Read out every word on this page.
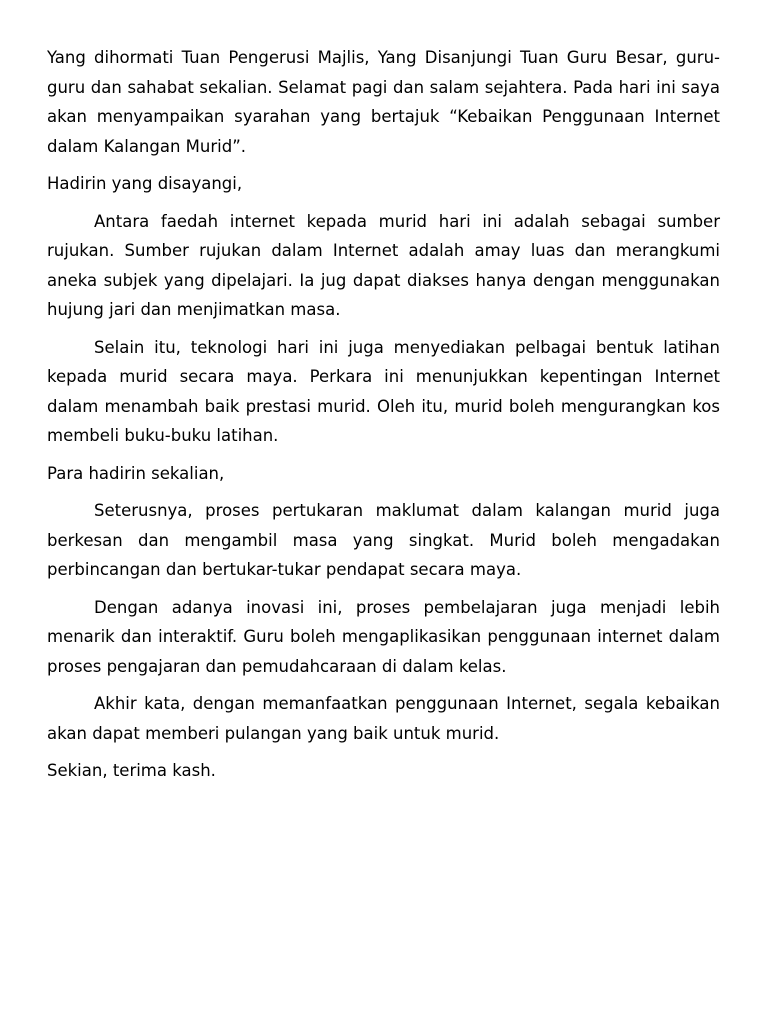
Yang dihormati Tuan Pengerusi Majlis, Yang Disanjungi Tuan Guru Besar, guru-guru dan sahabat sekalian. Selamat pagi dan salam sejahtera. Pada hari ini saya akan menyampaikan syarahan yang bertajuk “Kebaikan Penggunaan Internet dalam Kalangan Murid”.

Hadirin yang disayangi,

Antara faedah internet kepada murid hari ini adalah sebagai sumber rujukan. Sumber rujukan dalam Internet adalah amay luas dan merangkumi aneka subjek yang dipelajari. Ia jug dapat diakses hanya dengan menggunakan hujung jari dan menjimatkan masa.

Selain itu, teknologi hari ini juga menyediakan pelbagai bentuk latihan kepada murid secara maya. Perkara ini menunjukkan kepentingan Internet dalam menambah baik prestasi murid. Oleh itu, murid boleh mengurangkan kos membeli buku-buku latihan.

Para hadirin sekalian,

Seterusnya, proses pertukaran maklumat dalam kalangan murid juga berkesan dan mengambil masa yang singkat. Murid boleh mengadakan perbincangan dan bertukar-tukar pendapat secara maya.

Dengan adanya inovasi ini, proses pembelajaran juga menjadi lebih menarik dan interaktif. Guru boleh mengaplikasikan penggunaan internet dalam proses pengajaran dan pemudahcaraan di dalam kelas.

Akhir kata, dengan memanfaatkan penggunaan Internet, segala kebaikan akan dapat memberi pulangan yang baik untuk murid.

Sekian, terima kash.
